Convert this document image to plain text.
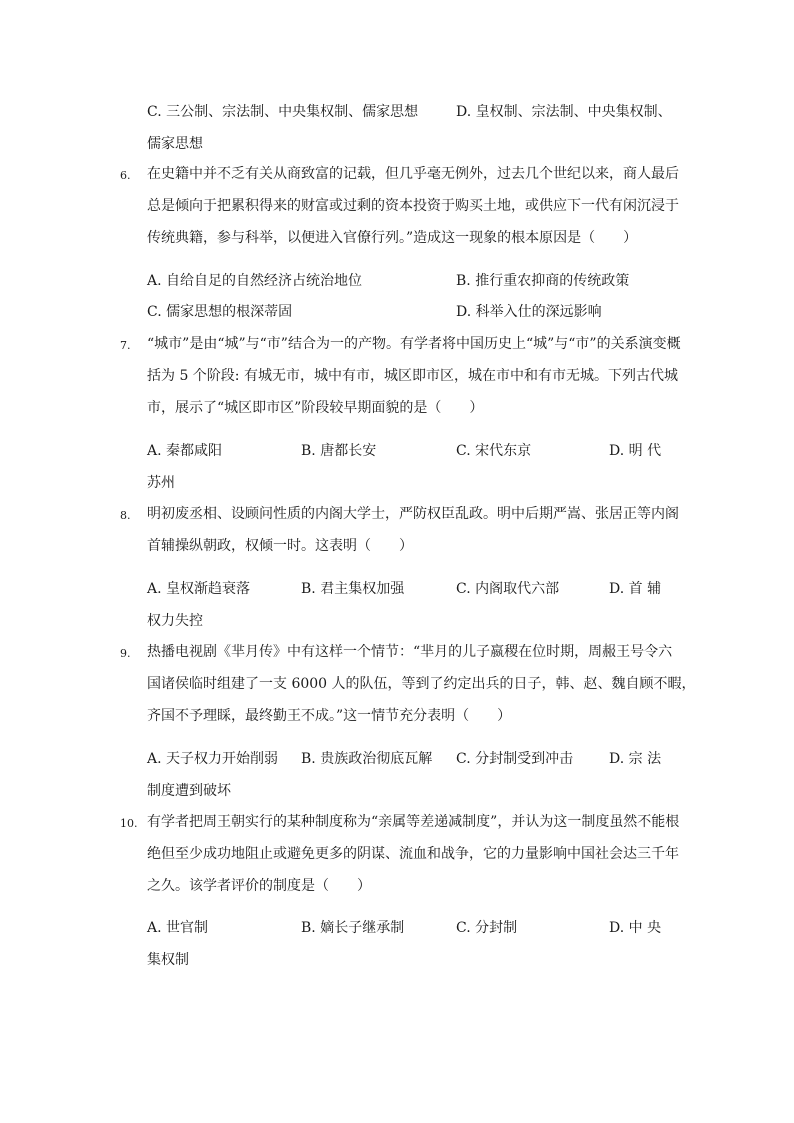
C. 三公制、宗法制、中央集权制、儒家思想	D. 皇权制、宗法制、中央集权制、
儒家思想
6. 在史籍中并不乏有关从商致富的记载，但几乎毫无例外，过去几个世纪以来，商人最后
总是倾向于把累积得来的财富或过剩的资本投资于购买土地，或供应下一代有闲沉浸于
传统典籍，参与科举，以便进入官僚行列。”造成这一现象的根本原因是（　　）
A. 自给自足的自然经济占统治地位	B. 推行重农抑商的传统政策
C. 儒家思想的根深蒂固	D. 科举入仕的深远影响
7. “城市”是由“城”与“市”结合为一的产物。有学者将中国历史上“城”与“市”的关系演变概
括为 5 个阶段: 有城无市，城中有市，城区即市区，城在市中和有市无城。下列古代城
市，展示了“城区即市区”阶段较早期面貌的是（　　）
A. 秦都咸阳	B. 唐都长安	C. 宋代东京	D. 明 代
苏州
8. 明初废丞相、设顾问性质的内阁大学士，严防权臣乱政。明中后期严嵩、张居正等内阁
首辅操纵朝政，权倾一时。这表明（　　）
A. 皇权渐趋衰落	B. 君主集权加强	C. 内阁取代六部	D. 首 辅
权力失控
9. 热播电视剧《芈月传》中有这样一个情节：“芈月的儿子嬴稷在位时期，周赧王号令六
国诸侯临时组建了一支 6000 人的队伍，等到了约定出兵的日子，韩、赵、魏自顾不暇，
齐国不予理睬，最终勤王不成。”这一情节充分表明（　　）
A. 天子权力开始削弱 B. 贵族政治彻底瓦解 C. 分封制受到冲击	D. 宗 法
制度遭到破坏
10. 有学者把周王朝实行的某种制度称为“亲属等差递减制度”，并认为这一制度虽然不能根
绝但至少成功地阻止或避免更多的阴谋、流血和战争，它的力量影响中国社会达三千年
之久。该学者评价的制度是（　　）
A. 世官制	B. 嫡长子继承制	C. 分封制	D. 中 央
集权制
